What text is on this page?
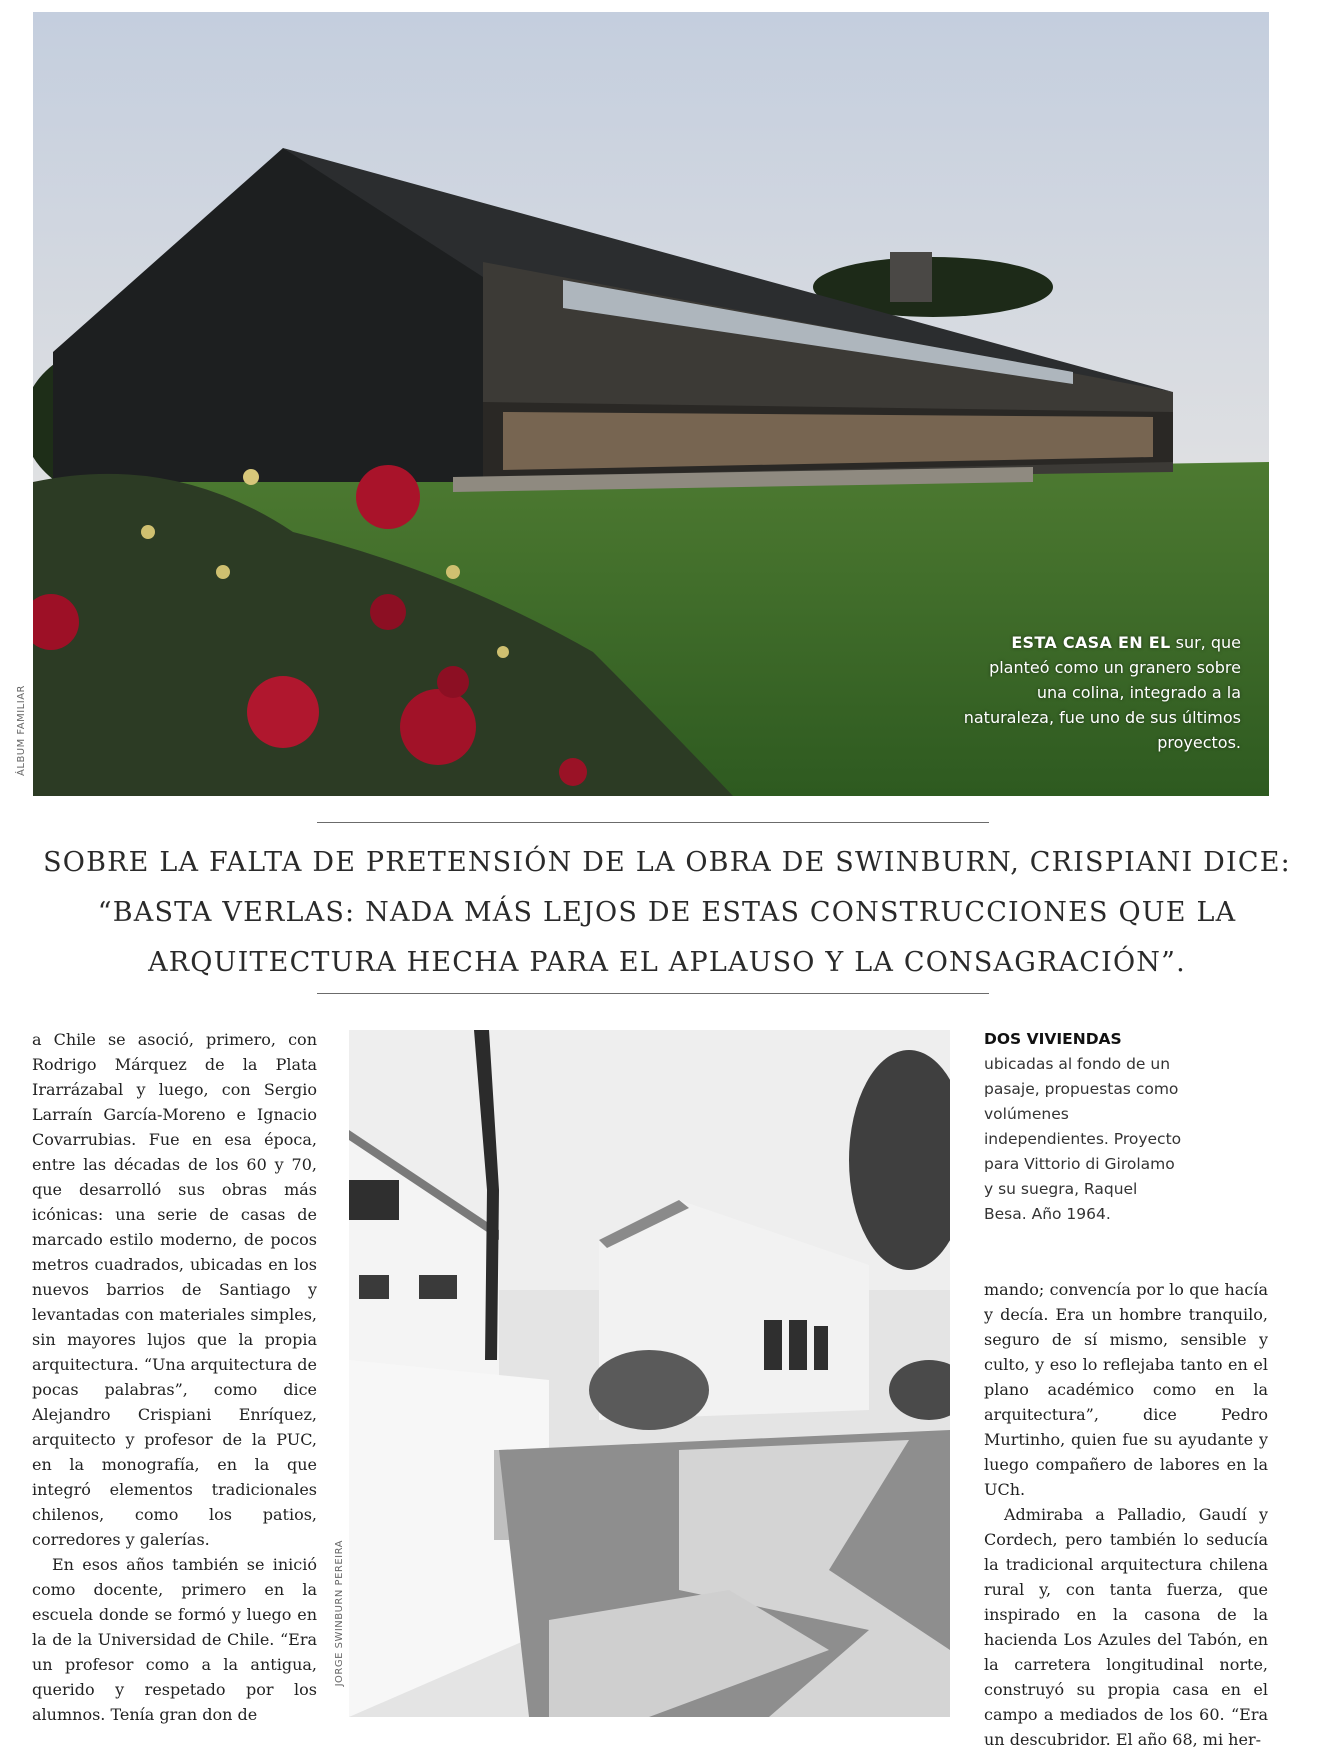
ESTA CASA EN EL sur, que planteó como un granero sobre una colina, integrado a la naturaleza, fue uno de sus últimos proyectos.
ÁLBUM FAMILIAR
SOBRE LA FALTA DE PRETENSIÓN DE LA OBRA DE SWINBURN, CRISPIANI DICE: “BASTA VERLAS: NADA MÁS LEJOS DE ESTAS CONSTRUCCIONES QUE LA ARQUITECTURA HECHA PARA EL APLAUSO Y LA CONSAGRACIÓN”.

a Chile se asoció, primero, con Rodrigo Márquez de la Plata Irarrázabal y luego, con Sergio Larraín García-Moreno e Ignacio Covarrubias. Fue en esa época, entre las décadas de los 60 y 70, que desarrolló sus obras más icónicas: una serie de casas de marcado estilo moderno, de pocos metros cuadrados, ubicadas en los nuevos barrios de Santiago y levantadas con materiales simples, sin mayores lujos que la propia arquitectura. “Una arquitectura de pocas palabras”, como dice Alejandro Crispiani Enríquez, arquitecto y profesor de la PUC, en la monografía, en la que integró elementos tradicionales chilenos, como los patios, corredores y galerías.

En esos años también se inició como docente, primero en la escuela donde se formó y luego en la de la Universidad de Chile. “Era un profesor como a la antigua, querido y respetado por los alumnos. Tenía gran don de

JORGE SWINBURN PEREIRA
DOS VIVIENDAS
ubicadas al fondo de un pasaje, propuestas como volúmenes independientes. Proyecto para Vittorio di Girolamo y su suegra, Raquel Besa. Año 1964.

mando; convencía por lo que hacía y decía. Era un hombre tranquilo, seguro de sí mismo, sensible y culto, y eso lo reflejaba tanto en el plano académico como en la arquitectura”, dice Pedro Murtinho, quien fue su ayudante y luego compañero de labores en la UCh.

Admiraba a Palladio, Gaudí y Cordech, pero también lo seducía la tradicional arquitectura chilena rural y, con tanta fuerza, que inspirado en la casona de la hacienda Los Azules del Tabón, en la carretera longitudinal norte, construyó su propia casa en el campo a mediados de los 60. “Era un descubridor. El año 68, mi her-
